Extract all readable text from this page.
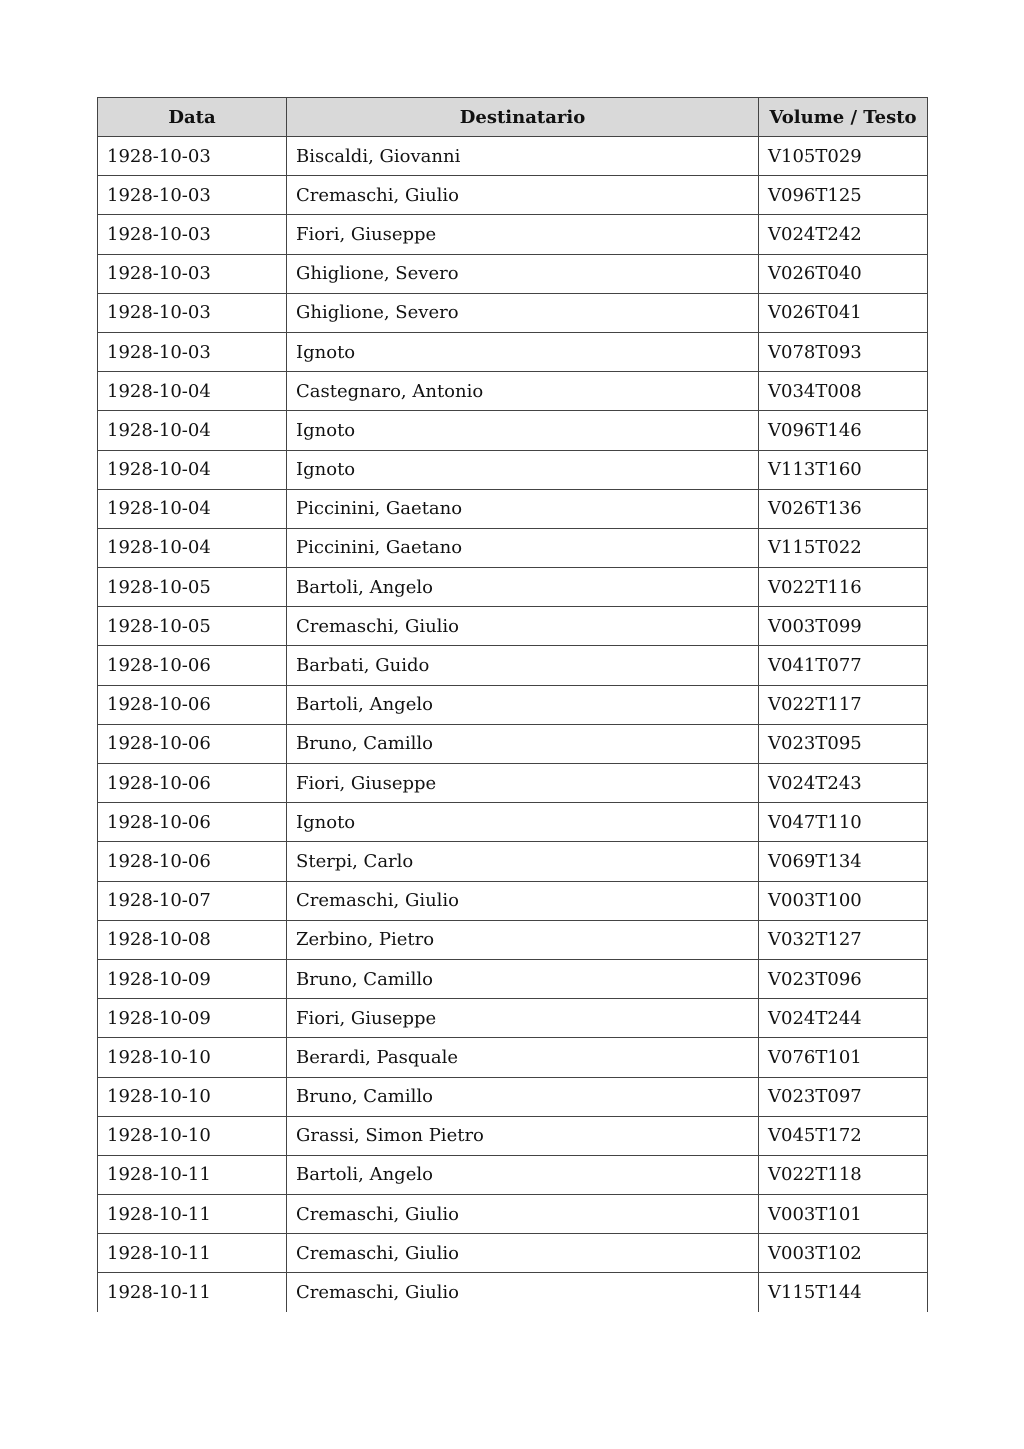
Data	Destinatario	Volume / Testo
1928-10-03	Biscaldi, Giovanni	V105T029
1928-10-03	Cremaschi, Giulio	V096T125
1928-10-03	Fiori, Giuseppe	V024T242
1928-10-03	Ghiglione, Severo	V026T040
1928-10-03	Ghiglione, Severo	V026T041
1928-10-03	Ignoto	V078T093
1928-10-04	Castegnaro, Antonio	V034T008
1928-10-04	Ignoto	V096T146
1928-10-04	Ignoto	V113T160
1928-10-04	Piccinini, Gaetano	V026T136
1928-10-04	Piccinini, Gaetano	V115T022
1928-10-05	Bartoli, Angelo	V022T116
1928-10-05	Cremaschi, Giulio	V003T099
1928-10-06	Barbati, Guido	V041T077
1928-10-06	Bartoli, Angelo	V022T117
1928-10-06	Bruno, Camillo	V023T095
1928-10-06	Fiori, Giuseppe	V024T243
1928-10-06	Ignoto	V047T110
1928-10-06	Sterpi, Carlo	V069T134
1928-10-07	Cremaschi, Giulio	V003T100
1928-10-08	Zerbino, Pietro	V032T127
1928-10-09	Bruno, Camillo	V023T096
1928-10-09	Fiori, Giuseppe	V024T244
1928-10-10	Berardi, Pasquale	V076T101
1928-10-10	Bruno, Camillo	V023T097
1928-10-10	Grassi, Simon Pietro	V045T172
1928-10-11	Bartoli, Angelo	V022T118
1928-10-11	Cremaschi, Giulio	V003T101
1928-10-11	Cremaschi, Giulio	V003T102
1928-10-11	Cremaschi, Giulio	V115T144
